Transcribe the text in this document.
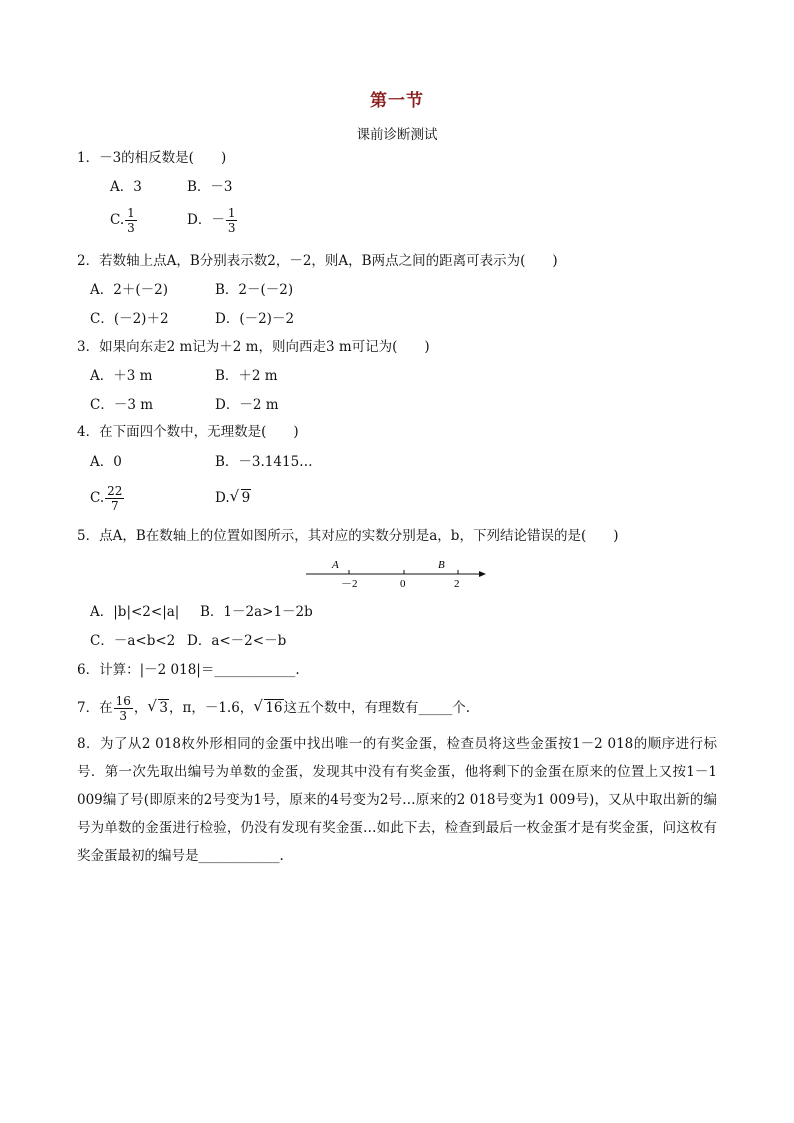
第一节
课前诊断测试
1．－3的相反数是(　　)
A．3	B．－3
C. $\frac{1}{3}$	D．－ $\frac{1}{3}$
2．若数轴上点A，B分别表示数2，－2，则A，B两点之间的距离可表示为(　　)
A．2＋(－2)	B．2－(－2)
C．(－2)＋2	D．(－2)－2
3．如果向东走2 m记为＋2 m，则向西走3 m可记为(　　)
A．＋3 m	B．＋2 m
C．－3 m	D．－2 m
4．在下面四个数中，无理数是(　　)
A．0	B．－3.1415…
C. $\frac{22}{7}$	D. √ 9
5．点A，B在数轴上的位置如图所示，其对应的实数分别是a，b，下列结论错误的是(　　)
A	B
－2	0	2
A．|b|<2<|a| B．1－2a>1－2b
C．－a<b<2 D．a<－2<－b
6．计算：|－2 018|＝____________.
7．在 $\frac{16}{3}$ ， √ 3，π，－1.6， √ 16这五个数中，有理数有_____个.
8．为了从2 018枚外形相同的金蛋中找出唯一的有奖金蛋，检查员将这些金蛋按1－2 018的顺序进行标号．第一次先取出编号为单数的金蛋，发现其中没有有奖金蛋，他将剩下的金蛋在原来的位置上又按1－1 009编了号(即原来的2号变为1号，原来的4号变为2号…原来的2 018号变为1 009号)，又从中取出新的编号为单数的金蛋进行检验，仍没有发现有奖金蛋…如此下去，检查到最后一枚金蛋才是有奖金蛋，问这枚有奖金蛋最初的编号是____________.
